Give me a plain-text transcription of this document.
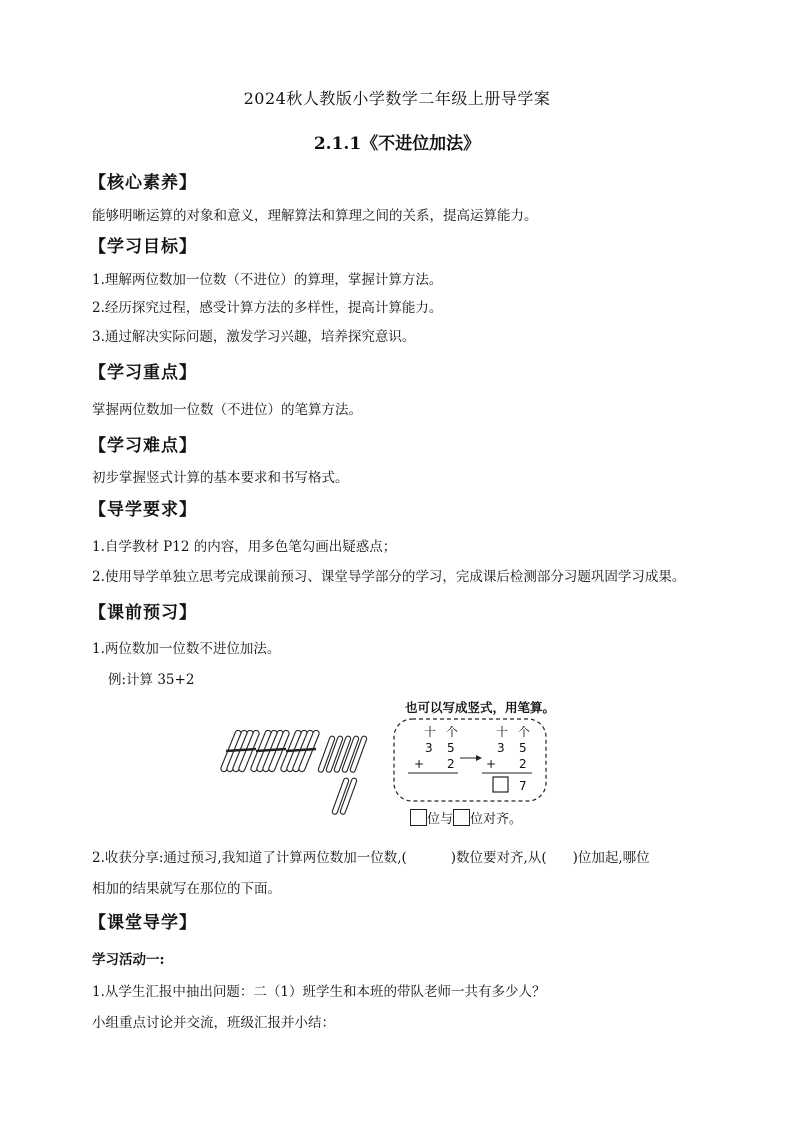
2024秋人教版小学数学二年级上册导学案
2.1.1《不进位加法》
【核心素养】
能够明晰运算的对象和意义，理解算法和算理之间的关系，提高运算能力。
【学习目标】
1.理解两位数加一位数（不进位）的算理，掌握计算方法。
2.经历探究过程，感受计算方法的多样性，提高计算能力。
3.通过解决实际问题，激发学习兴趣，培养探究意识。
【学习重点】
掌握两位数加一位数（不进位）的笔算方法。
【学习难点】
初步掌握竖式计算的基本要求和书写格式。
【导学要求】
1.自学教材 P12 的内容，用多色笔勾画出疑惑点；
2.使用导学单独立思考完成课前预习、课堂导学部分的学习，完成课后检测部分习题巩固学习成果。
【课前预习】
1.两位数加一位数不进位加法。
例:计算 35+2
十 个
3 5
+ 2
十 个
3 5
+ 2
7
也可以写成竖式，用笔算。
位与 位对齐。
2.收获分享:通过预习,我知道了计算两位数加一位数,(	)数位要对齐,从( )位加起,哪位
相加的结果就写在那位的下面。
【课堂导学】
学习活动一:
1.从学生汇报中抽出问题：二（1）班学生和本班的带队老师一共有多少人？
小组重点讨论并交流，班级汇报并小结：
